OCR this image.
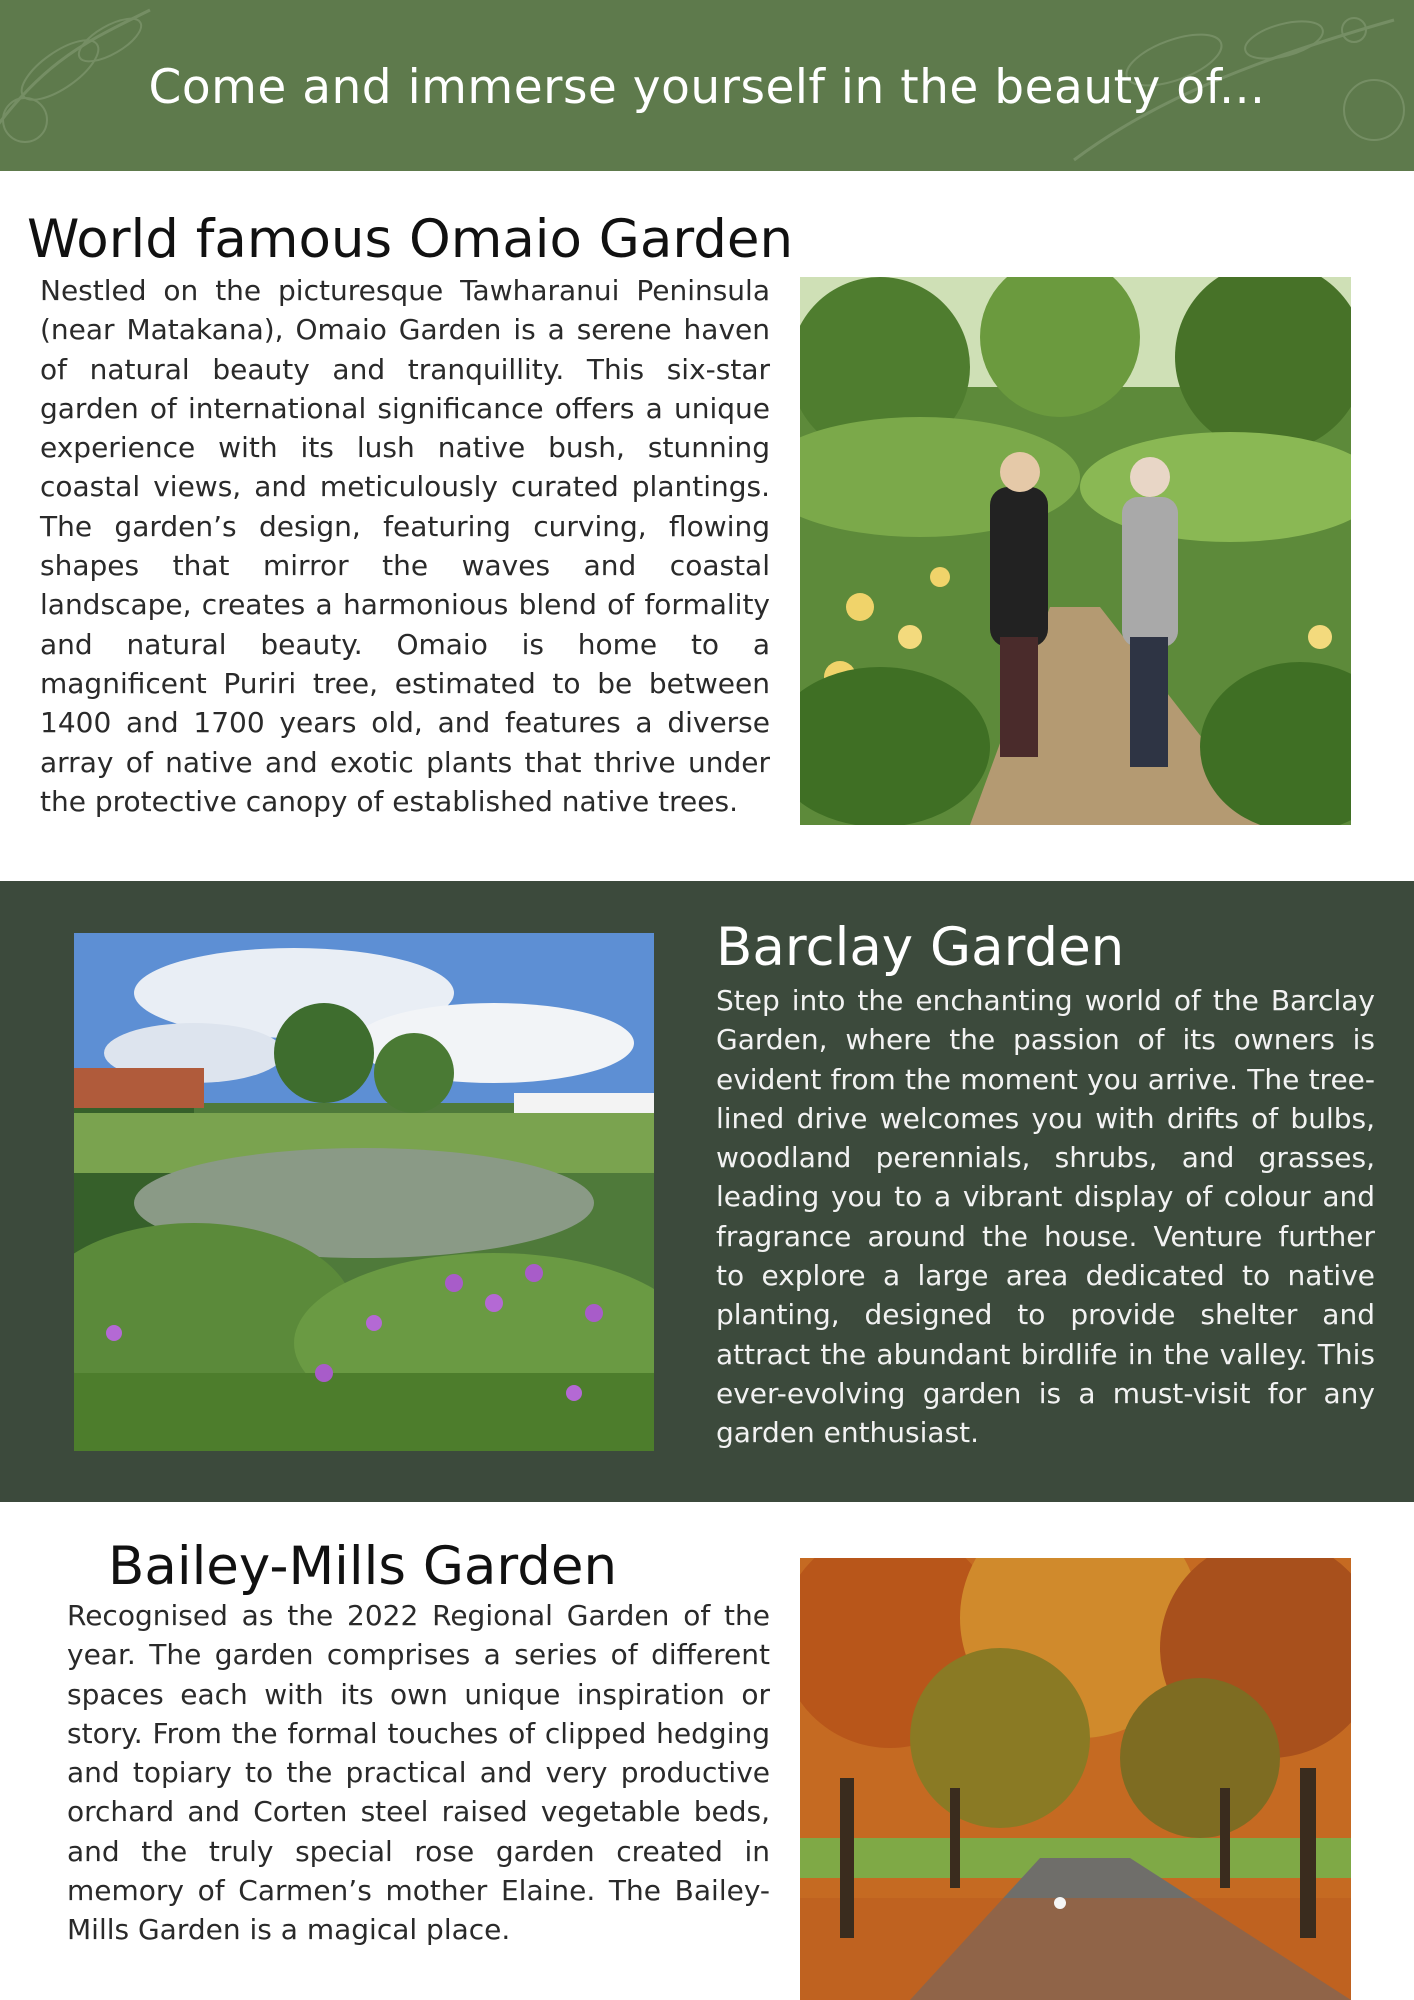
Come and immerse yourself in the beauty of...
World famous Omaio Garden

Nestled on the picturesque Tawharanui Peninsula (near Matakana), Omaio Garden is a serene haven of natural beauty and tranquillity. This six-star garden of international significance offers a unique experience with its lush native bush, stunning coastal views, and meticulously curated plantings. The garden’s design, featuring curving, flowing shapes that mirror the waves and coastal landscape, creates a harmonious blend of formality and natural beauty. Omaio is home to a magnificent Puriri tree, estimated to be between 1400 and 1700 years old, and features a diverse array of native and exotic plants that thrive under the protective canopy of established native trees.

Barclay Garden

Step into the enchanting world of the Barclay Garden, where the passion of its owners is evident from the moment you arrive. The tree-lined drive welcomes you with drifts of bulbs, woodland perennials, shrubs, and grasses, leading you to a vibrant display of colour and fragrance around the house. Venture further to explore a large area dedicated to native planting, designed to provide shelter and attract the abundant birdlife in the valley. This ever-evolving garden is a must-visit for any garden enthusiast.

Bailey-Mills Garden

Recognised as the 2022 Regional Garden of the year. The garden comprises a series of different spaces each with its own unique inspiration or story. From the formal touches of clipped hedging and topiary to the practical and very productive orchard and Corten steel raised vegetable beds, and the truly special rose garden created in memory of Carmen’s mother Elaine. The Bailey-Mills Garden is a magical place.
